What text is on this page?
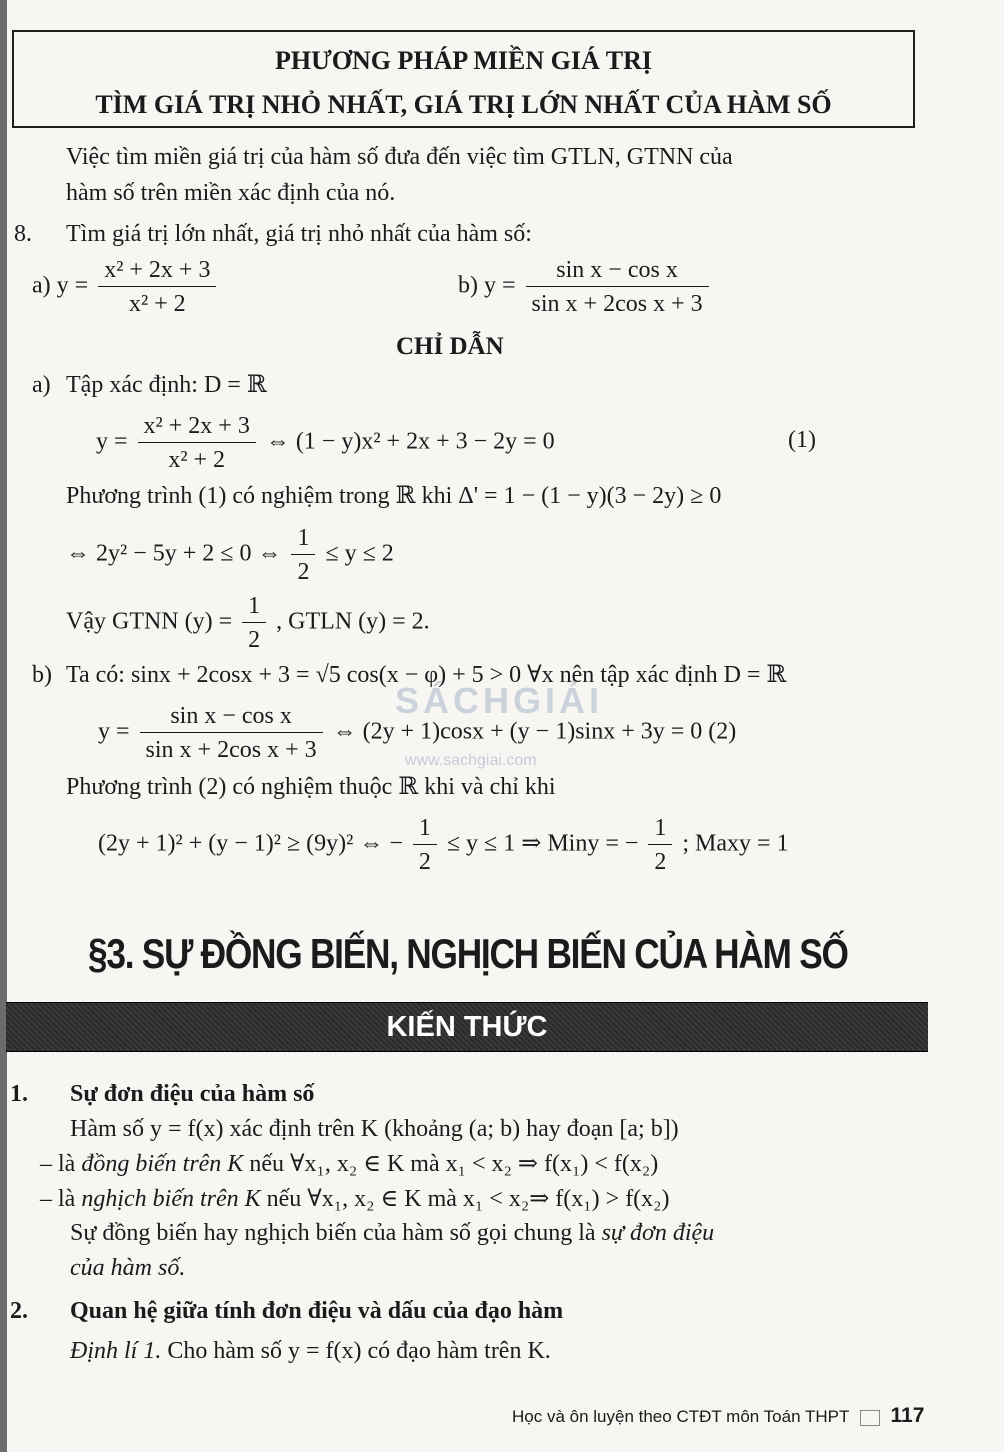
PHƯƠNG PHÁP MIỀN GIÁ TRỊ
TÌM GIÁ TRỊ NHỎ NHẤT, GIÁ TRỊ LỚN NHẤT CỦA HÀM SỐ
Việc tìm miền giá trị của hàm số đưa đến việc tìm GTLN, GTNN của
hàm số trên miền xác định của nó.
8. Tìm giá trị lớn nhất, giá trị nhỏ nhất của hàm số:
a) $y = \frac{\text{x² + 2x + 3}}{\text{x² + 2}}$	b) $y = \frac{\text{sin x − cos x}}{\text{sin x + 2cos x + 3}}$
CHỈ DẪN
a) Tập xác định: D = ℝ
$y = \frac{\text{x² + 2x + 3}}{\text{x² + 2}}$ ⇔ (1 − y)x² + 2x + 3 − 2y = 0	(1)
Phương trình (1) có nghiệm trong ℝ khi Δ' = 1 − (1 − y)(3 − 2y) ≥ 0
⇔ 2y² − 5y + 2 ≤ 0 ⇔ $\frac{1}{2} \le y \le 2$
Vậy GTNN $(y) = \frac{1}{2}$ , GTLN (y) = 2.
SÁCHGIẢI
www.sachgiai.com
b) Ta có: sinx + 2cosx + 3 = √5 cos(x − φ) + 5 > 0 ∀x nên tập xác định D = ℝ
$y = \frac{\text{sin x − cos x}}{\text{sin x + 2cos x + 3}}$ ⇔ (2y + 1)cosx + (y − 1)sinx + 3y = 0 (2)
Phương trình (2) có nghiệm thuộc ℝ khi và chỉ khi
(2y + 1)² + (y − 1)² ≥ (9y)² ⇔ − $\frac{1}{2} \le y \le 1$ ⇒ Miny = − $\frac{1}{2}$ ; Maxy = 1
§3. SỰ ĐỒNG BIẾN, NGHỊCH BIẾN CỦA HÀM SỐ
KIẾN THỨC
1. Sự đơn điệu của hàm số
Hàm số y = f(x) xác định trên K (khoảng (a; b) hay đoạn [a; b])
– là đồng biến trên K nếu ∀x₁, x₂ ∈ K mà x₁ < x₂ ⇒ f(x₁) < f(x₂)
– là nghịch biến trên K nếu ∀x₁, x₂ ∈ K mà x₁ < x₂⇒ f(x₁) > f(x₂)
Sự đồng biến hay nghịch biến của hàm số gọi chung là sự đơn điệu
của hàm số.
2. Quan hệ giữa tính đơn điệu và dấu của đạo hàm
Định lí 1. Cho hàm số y = f(x) có đạo hàm trên K.
Học và ôn luyện theo CTĐT môn Toán THPT 117
